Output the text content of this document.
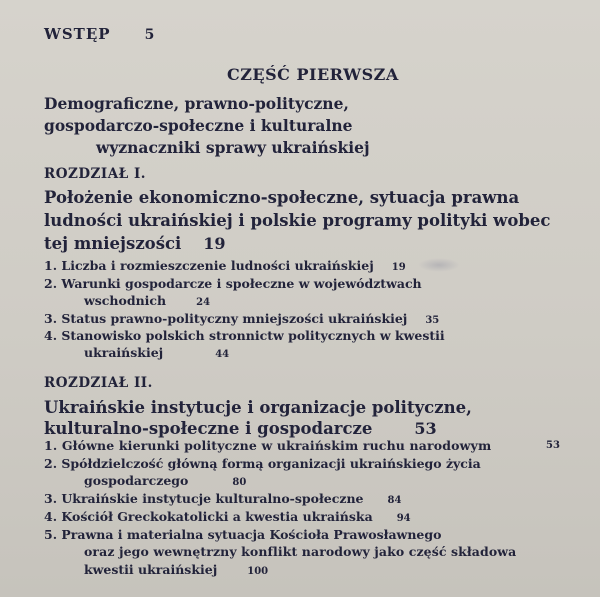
WSTĘP 5
CZĘŚĆ PIERWSZA
Demograficzne, prawno-polityczne,
gospodarczo-społeczne i kulturalne
wyznaczniki sprawy ukraińskiej
ROZDZIAŁ I.
Położenie ekonomiczno-społeczne, sytuacja prawna
ludności ukraińskiej i polskie programy polityki wobec
tej mniejszości 19
1. Liczba i rozmieszczenie ludności ukraińskiej 19
2. Warunki gospodarcze i społeczne w województwach
wschodnich	24
3. Status prawno-polityczny mniejszości ukraińskiej 35
4. Stanowisko polskich stronnictw politycznych w kwestii
ukraińskiej	44
ROZDZIAŁ II.
Ukraińskie instytucje i organizacje polityczne,
kulturalno-społeczne i gospodarcze	53
1. Główne kierunki polityczne w ukraińskim ruchu narodowym	53
2. Spółdzielczość główną formą organizacji ukraińskiego życia
gospodarczego	80
3. Ukraińskie instytucje kulturalno-społeczne 84
4. Kościół Greckokatolicki a kwestia ukraińska 94
5. Prawna i materialna sytuacja Kościoła Prawosławnego
oraz jego wewnętrzny konflikt narodowy jako część składowa
kwestii ukraińskiej	100
